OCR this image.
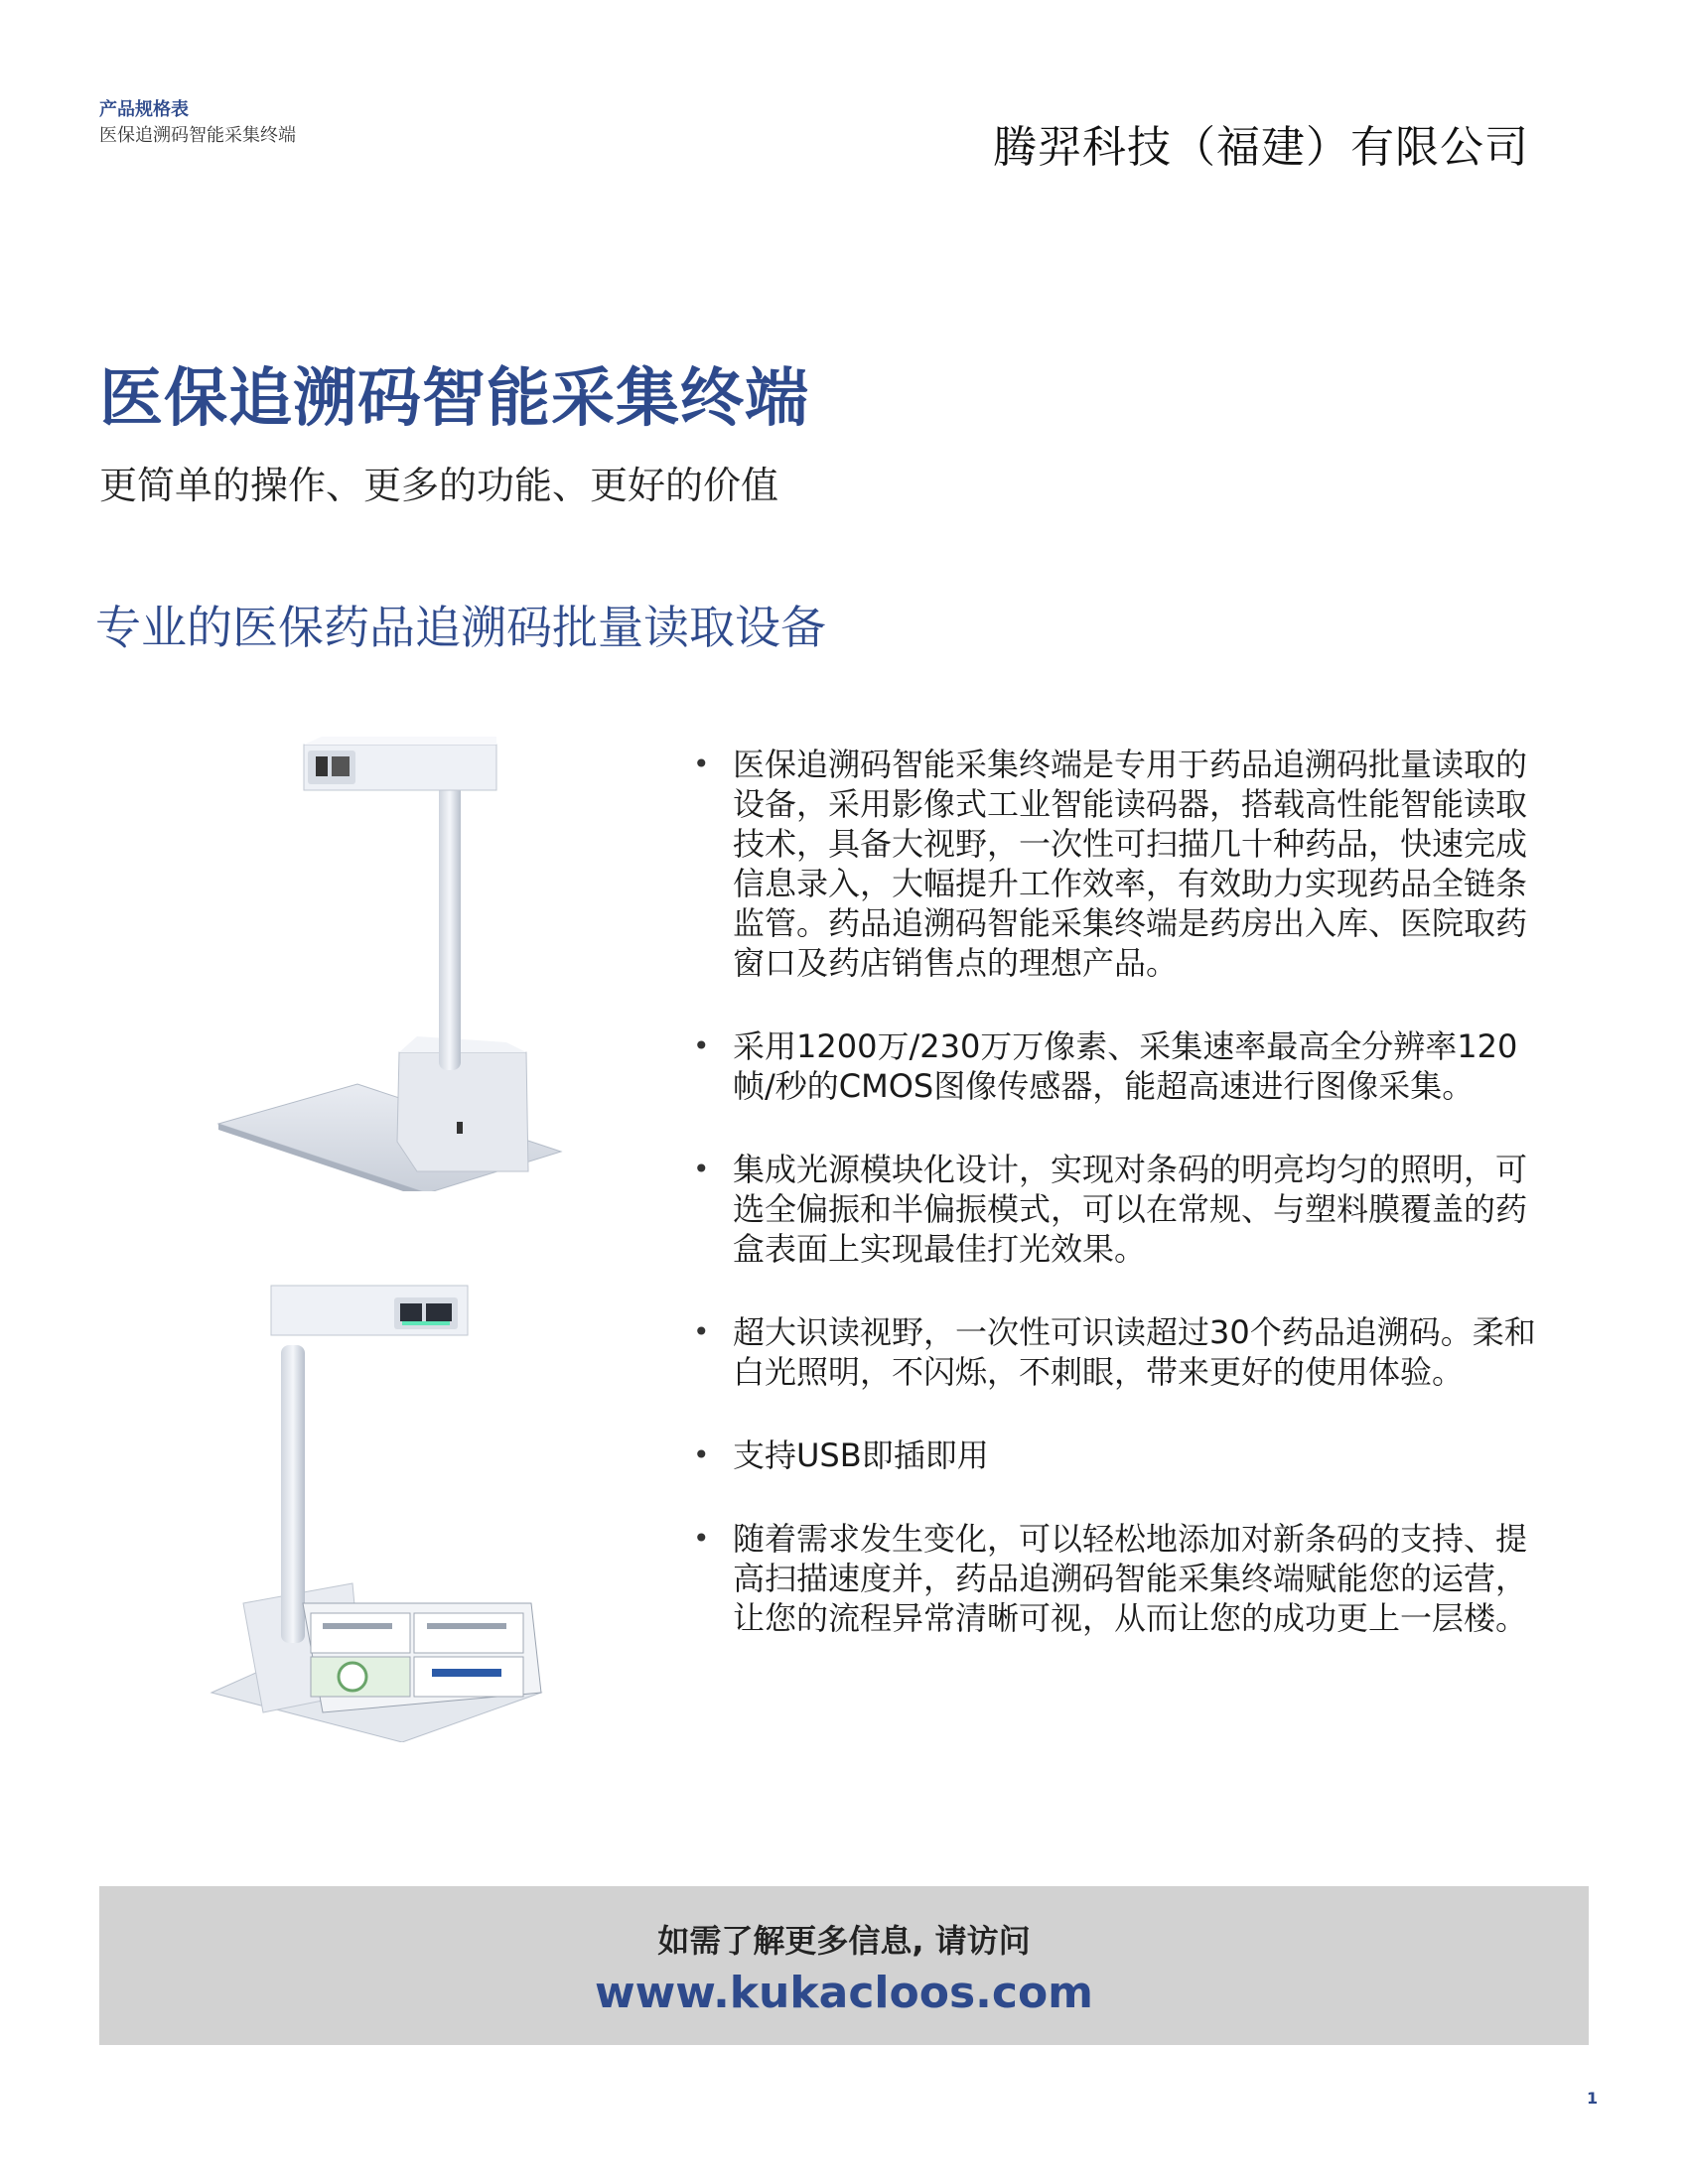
产品规格表
医保追溯码智能采集终端	腾羿科技（福建）有限公司
医保追溯码智能采集终端
更简单的操作、更多的功能、更好的价值
专业的医保药品追溯码批量读取设备
• 医保追溯码智能采集终端是专用于药品追溯码批量读取的设备，采用影像式工业智能读码器，搭载高性能智能读取技术，具备大视野，一次性可扫描几十种药品，快速完成信息录入，大幅提升工作效率，有效助力实现药品全链条监管。药品追溯码智能采集终端是药房出入库、医院取药窗口及药店销售点的理想产品。
• 采用1200万/230万万像素、采集速率最高全分辨率120帧/秒的CMOS图像传感器，能超高速进行图像采集。
• 集成光源模块化设计，实现对条码的明亮均匀的照明，可选全偏振和半偏振模式，可以在常规、与塑料膜覆盖的药盒表面上实现最佳打光效果。
• 超大识读视野，一次性可识读超过30个药品追溯码。柔和白光照明，不闪烁，不刺眼，带来更好的使用体验。
• 支持USB即插即用
• 随着需求发生变化，可以轻松地添加对新条码的支持、提高扫描速度并，药品追溯码智能采集终端赋能您的运营，让您的流程异常清晰可视，从而让您的成功更上一层楼。
如需了解更多信息, 请访问
www.kukacloos.com
1
